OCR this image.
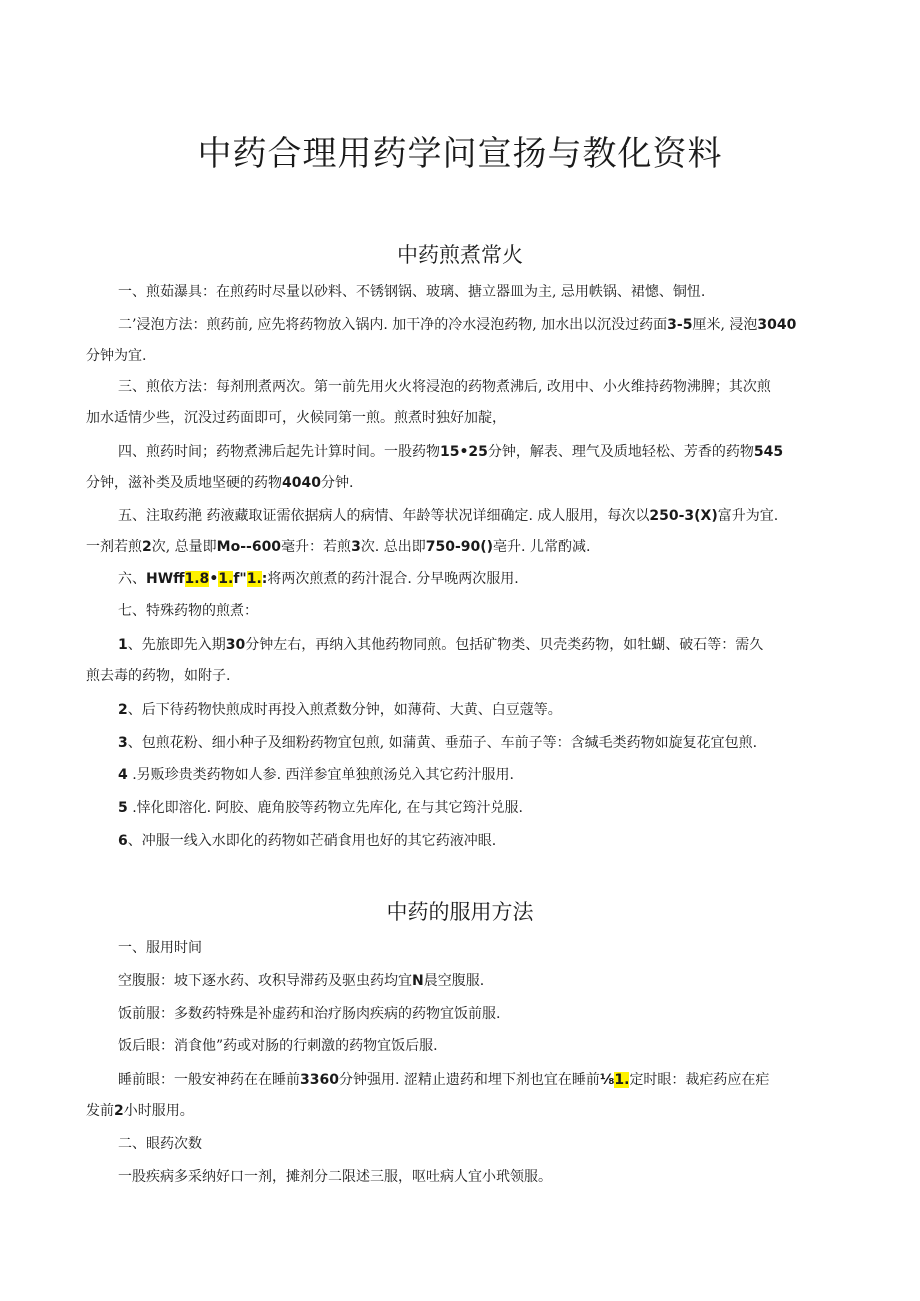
中药合理用药学问宣扬与教化资料
中药煎煮常火
一、煎茹瀑具：在煎药时尽量以砂料、不锈钢锅、玻璃、搪立器皿为主, 忌用帙锅、裙憁、铜忸.
二’浸泡方法：煎药前, 应先将药物放入锅内. 加干净的冷水浸泡药物, 加水出以沉没过药面3-5厘米, 浸泡3040
分钟为宜.
三、煎依方法：每剂刑煮两次。第一前先用火火将浸泡的药物煮沸后, 改用中、小火维持药物沸脾；其次煎
加水适情少些，沉没过药面即可，火候同第一煎。煎煮时独好加靛，
四、煎药时间；药物煮沸后起先计算时间。一股药物15•25分钟，解表、理气及质地轻松、芳香的药物545
分钟，滋补类及质地坚硬的药物4040分钟.
五、注取药滟 药液藏取证需依据病人的病情、年龄等状况详细确定. 成人服用，每次以250-3(X)富升为宜.
一剂若煎2次, 总量即Mo--600毫升：若煎3次. 总出即750-90()亳升. 儿常酌减.
六、HWff1.8•1.f"1.:将两次煎煮的药汁混合. 分早晚两次服用.
七、特殊药物的煎煮：
1、先旅即先入期30分钟左右，再纳入其他药物同煎。包括矿物类、贝壳类药物，如牡蝴、破石等：需久
煎去毒的药物，如附子.
2、后下待药物快煎成时再投入煎煮数分钟，如薄荷、大黄、白豆蔻等。
3、包煎花粉、细小种子及细粉药物宜包煎, 如蒲黄、垂茄子、车前子等：含缄毛类药物如旋复花宜包煎.
4 .另贩珍贵类药物如人参. 西洋参宜单独煎汤兑入其它药汁服用.
5 .悻化即溶化. 阿胶、鹿角胶等药物立先库化, 在与其它筠汁兑服.
6、冲服一线入水即化的药物如芒硝食用也好的其它药液冲眼.
中药的服用方法
一、服用时间
空腹服：坡下逐水药、攻积导滞药及驱虫药均宜N晨空腹服.
饭前服：多数药特殊是补虚药和治疗肠肉疾病的药物宜饭前服.
饭后眼：消食他”药或对肠的行刺激的药物宜饭后服.
睡前眼：一般安神药在在睡前3360分钟强用. 涩精止遗药和埋下剂也宜在睡前⅛1.定时眼：裁疟药应在疟
发前2小时服用。
二、眼药次数
一股疾病多采纳好口一剂，摊剂分二限述三服，呕吐病人宜小玳领服。
